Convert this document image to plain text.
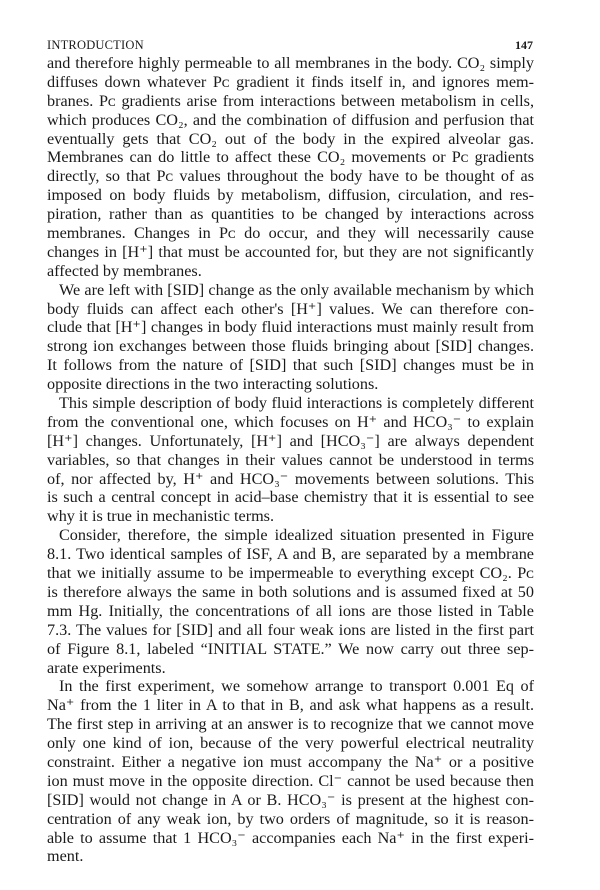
INTRODUCTION	147
and therefore highly permeable to all membranes in the body. CO₂ simply
diffuses down whatever Pᴄ gradient it finds itself in, and ignores mem-
branes. Pᴄ gradients arise from interactions between metabolism in cells,
which produces CO₂, and the combination of diffusion and perfusion that
eventually gets that CO₂ out of the body in the expired alveolar gas.
Membranes can do little to affect these CO₂ movements or Pᴄ gradients
directly, so that Pᴄ values throughout the body have to be thought of as
imposed on body fluids by metabolism, diffusion, circulation, and res-
piration, rather than as quantities to be changed by interactions across
membranes. Changes in Pᴄ do occur, and they will necessarily cause
changes in [H⁺] that must be accounted for, but they are not significantly
affected by membranes.
We are left with [SID] change as the only available mechanism by which
body fluids can affect each other's [H⁺] values. We can therefore con-
clude that [H⁺] changes in body fluid interactions must mainly result from
strong ion exchanges between those fluids bringing about [SID] changes.
It follows from the nature of [SID] that such [SID] changes must be in
opposite directions in the two interacting solutions.
This simple description of body fluid interactions is completely different
from the conventional one, which focuses on H⁺ and HCO₃⁻ to explain
[H⁺] changes. Unfortunately, [H⁺] and [HCO₃⁻] are always dependent
variables, so that changes in their values cannot be understood in terms
of, nor affected by, H⁺ and HCO₃⁻ movements between solutions. This
is such a central concept in acid–base chemistry that it is essential to see
why it is true in mechanistic terms.
Consider, therefore, the simple idealized situation presented in Figure
8.1. Two identical samples of ISF, A and B, are separated by a membrane
that we initially assume to be impermeable to everything except CO₂. Pᴄ
is therefore always the same in both solutions and is assumed fixed at 50
mm Hg. Initially, the concentrations of all ions are those listed in Table
7.3. The values for [SID] and all four weak ions are listed in the first part
of Figure 8.1, labeled “INITIAL STATE.” We now carry out three sep-
arate experiments.
In the first experiment, we somehow arrange to transport 0.001 Eq of
Na⁺ from the 1 liter in A to that in B, and ask what happens as a result.
The first step in arriving at an answer is to recognize that we cannot move
only one kind of ion, because of the very powerful electrical neutrality
constraint. Either a negative ion must accompany the Na⁺ or a positive
ion must move in the opposite direction. Cl⁻ cannot be used because then
[SID] would not change in A or B. HCO₃⁻ is present at the highest con-
centration of any weak ion, by two orders of magnitude, so it is reason-
able to assume that 1 HCO₃⁻ accompanies each Na⁺ in the first experi-
ment.
